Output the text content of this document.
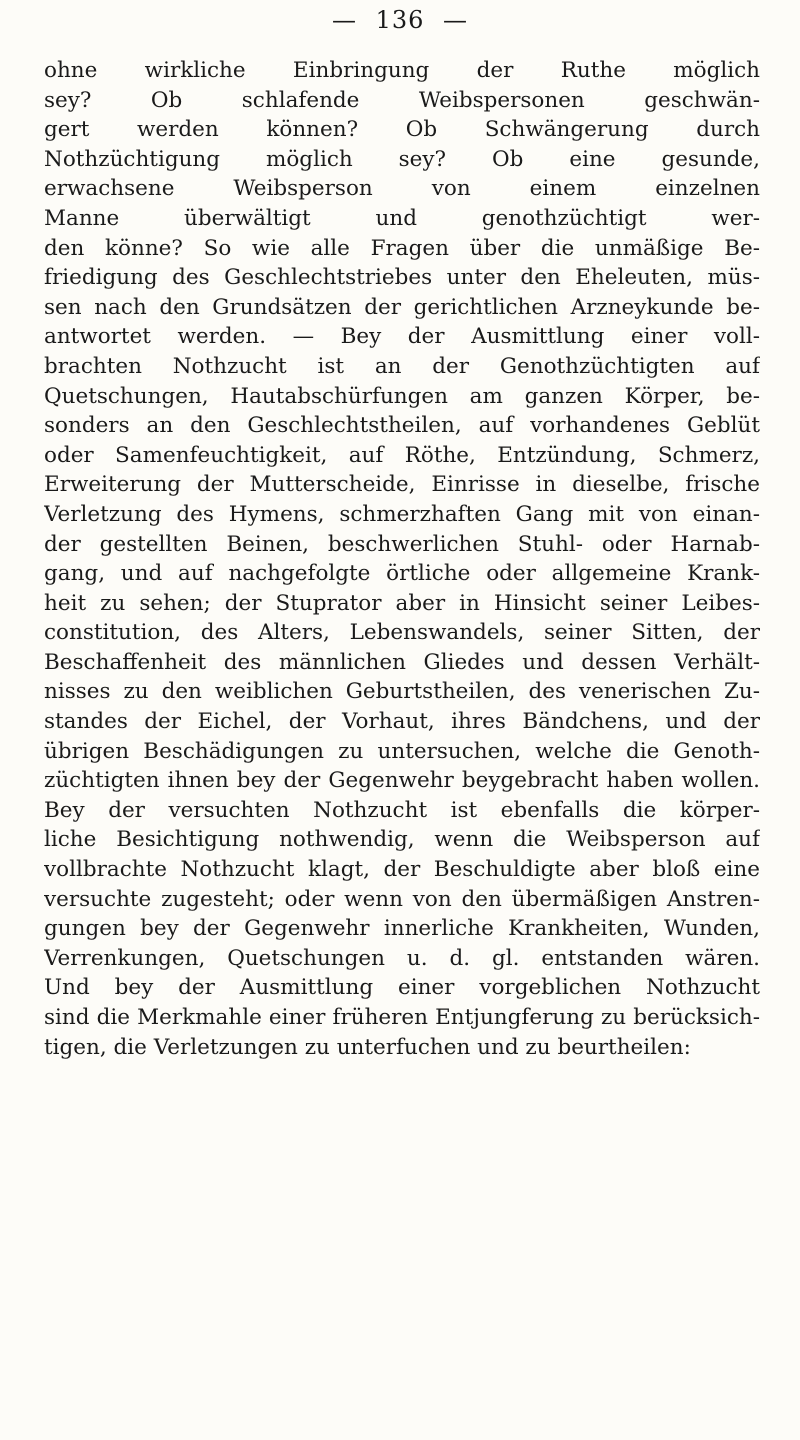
— 136 —
ohne wirkliche Einbringung der Ruthe möglich
sey? Ob schlafende Weibspersonen geschwän-
gert werden können? Ob Schwängerung durch
Nothzüchtigung möglich sey? Ob eine gesunde,
erwachsene Weibsperson von einem einzelnen
Manne überwältigt und genothzüchtigt wer-
den könne? So wie alle Fragen über die unmäßige Be-
friedigung des Geschlechtstriebes unter den Eheleuten, müs-
sen nach den Grundsätzen der gerichtlichen Arzneykunde be-
antwortet werden. — Bey der Ausmittlung einer voll-
brachten Nothzucht ist an der Genothzüchtigten auf
Quetschungen, Hautabschürfungen am ganzen Körper, be-
sonders an den Geschlechtstheilen, auf vorhandenes Geblüt
oder Samenfeuchtigkeit, auf Röthe, Entzündung, Schmerz,
Erweiterung der Mutterscheide, Einrisse in dieselbe, frische
Verletzung des Hymens, schmerzhaften Gang mit von einan-
der gestellten Beinen, beschwerlichen Stuhl- oder Harnab-
gang, und auf nachgefolgte örtliche oder allgemeine Krank-
heit zu sehen; der Stuprator aber in Hinsicht seiner Leibes-
constitution, des Alters, Lebenswandels, seiner Sitten, der
Beschaffenheit des männlichen Gliedes und dessen Verhält-
nisses zu den weiblichen Geburtstheilen, des venerischen Zu-
standes der Eichel, der Vorhaut, ihres Bändchens, und der
übrigen Beschädigungen zu untersuchen, welche die Genoth-
züchtigten ihnen bey der Gegenwehr beygebracht haben wollen.
Bey der versuchten Nothzucht ist ebenfalls die körper-
liche Besichtigung nothwendig, wenn die Weibsperson auf
vollbrachte Nothzucht klagt, der Beschuldigte aber bloß eine
versuchte zugesteht; oder wenn von den übermäßigen Anstren-
gungen bey der Gegenwehr innerliche Krankheiten, Wunden,
Verrenkungen, Quetschungen u. d. gl. entstanden wären.
Und bey der Ausmittlung einer vorgeblichen Nothzucht
sind die Merkmahle einer früheren Entjungferung zu berücksich-
tigen, die Verletzungen zu unterfuchen und zu beurtheilen:
